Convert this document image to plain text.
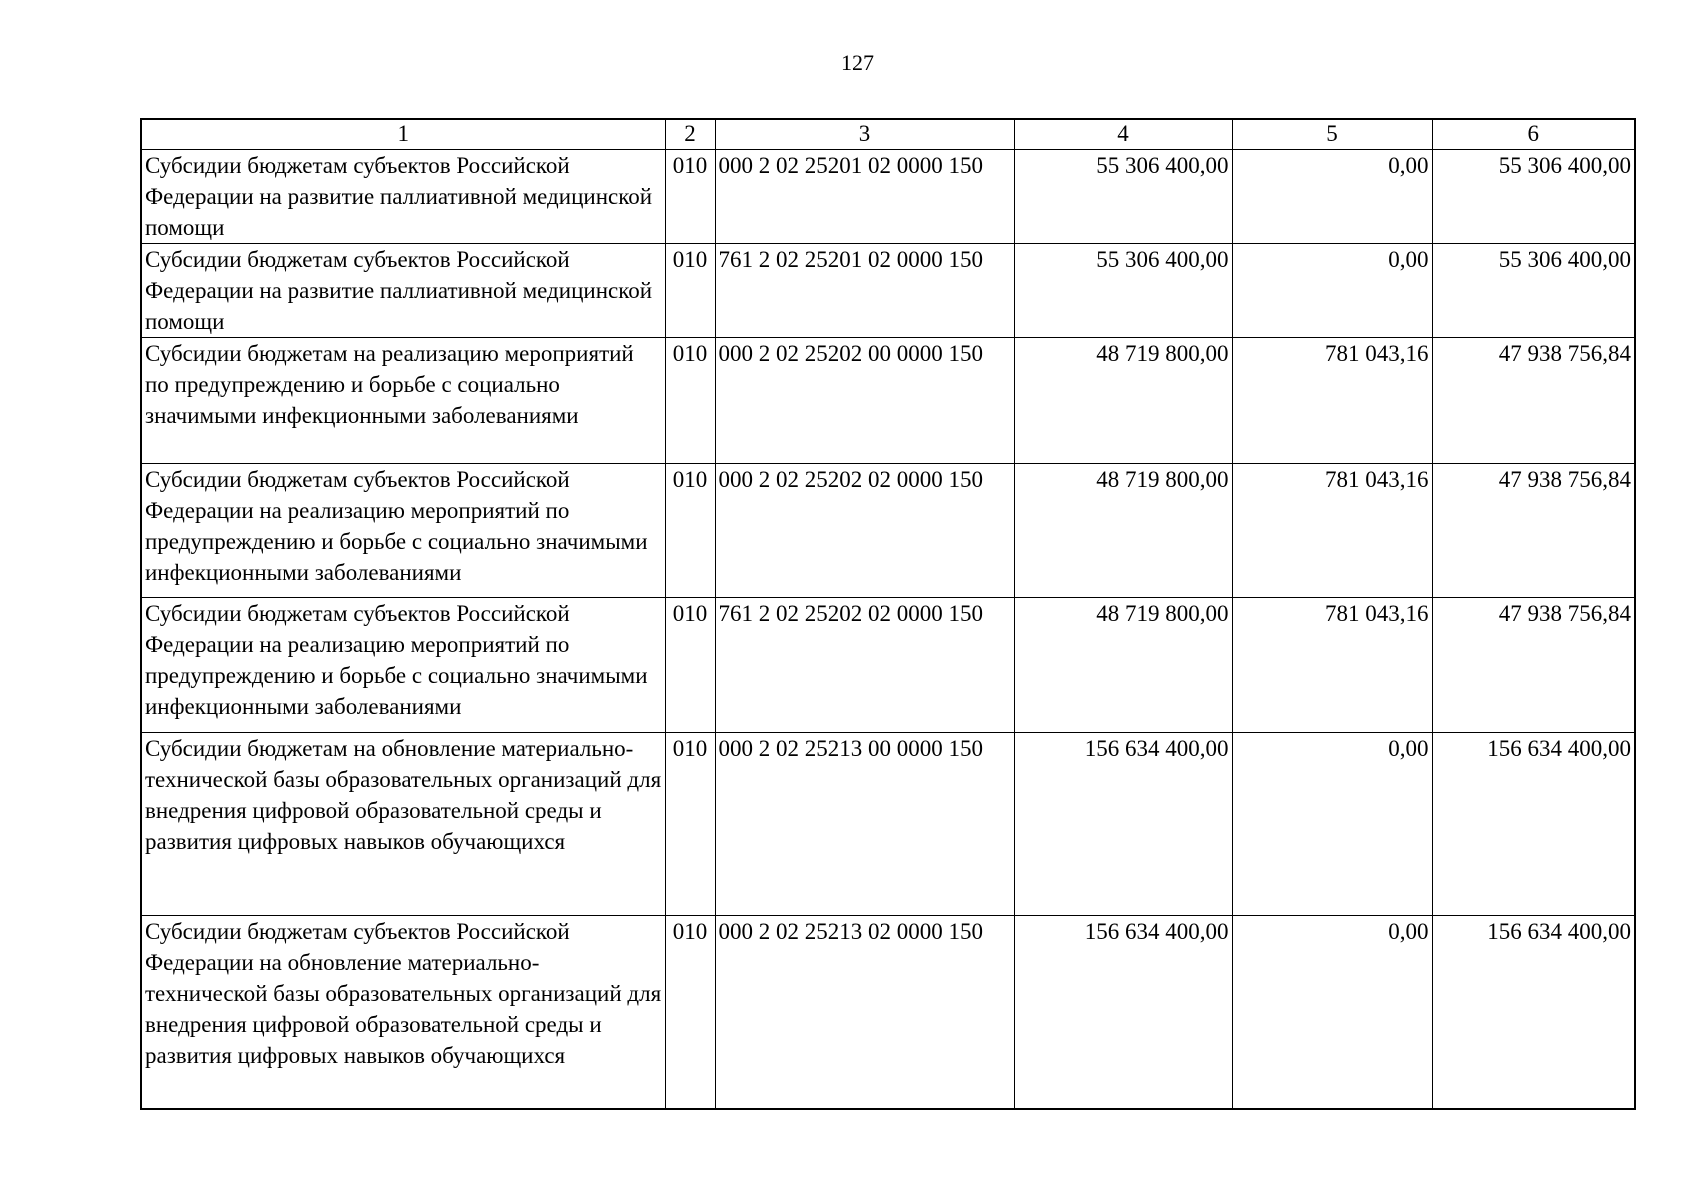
127
1	2	3	4	5	6
Субсидии бюджетам субъектов Российской Федерации на развитие паллиативной медицинской помощи	010	000 2 02 25201 02 0000 150	55 306 400,00	0,00	55 306 400,00
Субсидии бюджетам субъектов Российской Федерации на развитие паллиативной медицинской помощи	010	761 2 02 25201 02 0000 150	55 306 400,00	0,00	55 306 400,00
Субсидии бюджетам на реализацию мероприятий по предупреждению и борьбе с социально значимыми инфекционными заболеваниями	010	000 2 02 25202 00 0000 150	48 719 800,00	781 043,16	47 938 756,84
Субсидии бюджетам субъектов Российской Федерации на реализацию мероприятий по предупреждению и борьбе с социально значимыми инфекционными заболеваниями	010	000 2 02 25202 02 0000 150	48 719 800,00	781 043,16	47 938 756,84
Субсидии бюджетам субъектов Российской Федерации на реализацию мероприятий по предупреждению и борьбе с социально значимыми инфекционными заболеваниями	010	761 2 02 25202 02 0000 150	48 719 800,00	781 043,16	47 938 756,84
Субсидии бюджетам на обновление материально-технической базы образовательных организаций для внедрения цифровой образовательной среды и развития цифровых навыков обучающихся	010	000 2 02 25213 00 0000 150	156 634 400,00	0,00	156 634 400,00
Субсидии бюджетам субъектов Российской Федерации на обновление материально-технической базы образовательных организаций для внедрения цифровой образовательной среды и развития цифровых навыков обучающихся	010	000 2 02 25213 02 0000 150	156 634 400,00	0,00	156 634 400,00
